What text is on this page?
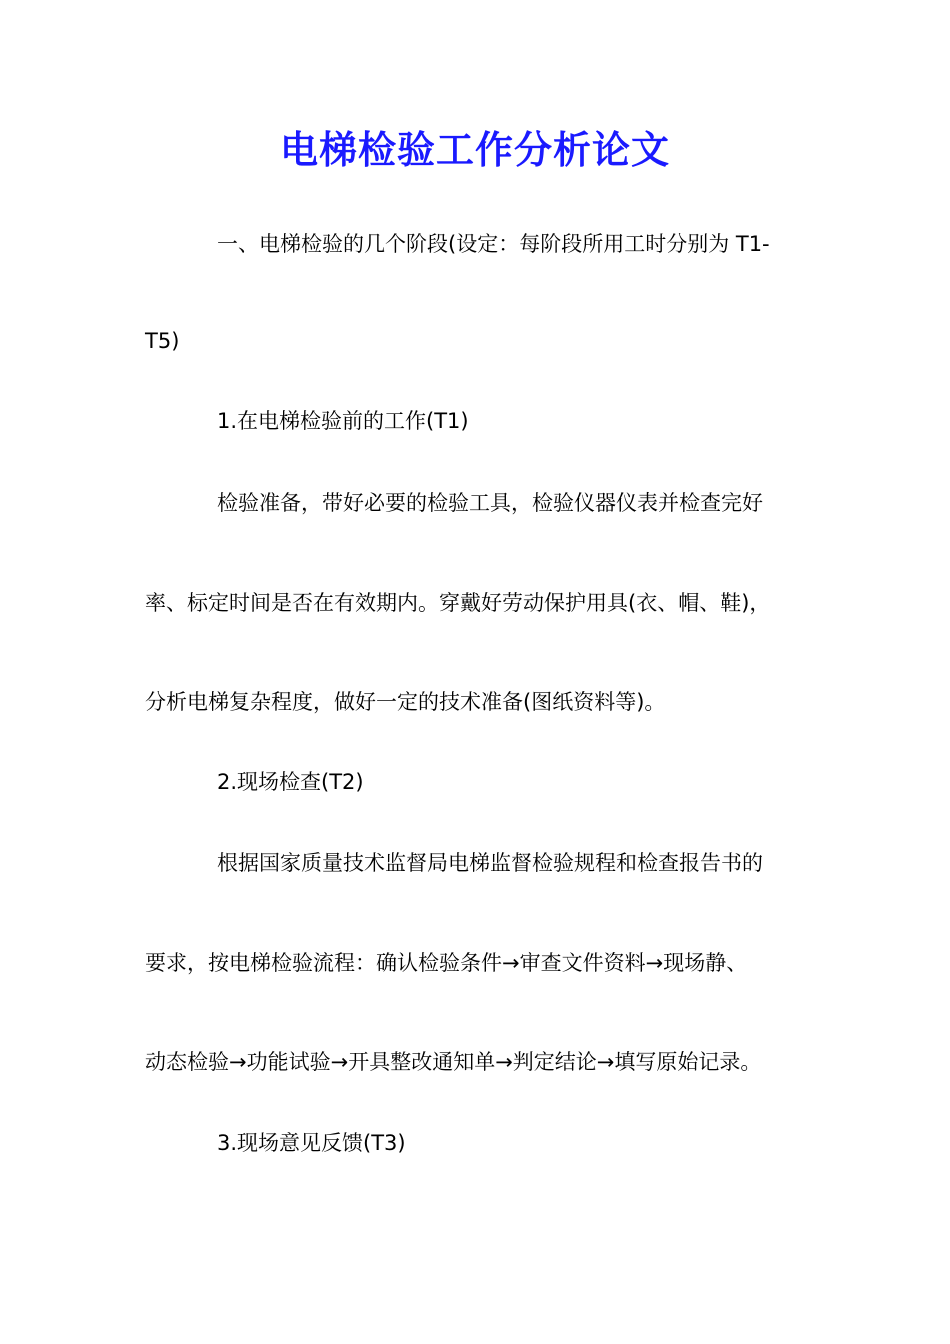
电梯检验工作分析论文

一、电梯检验的几个阶段(设定：每阶段所用工时分别为 T1-

T5)

1.在电梯检验前的工作(T1)

检验准备，带好必要的检验工具，检验仪器仪表并检查完好

率、标定时间是否在有效期内。穿戴好劳动保护用具(衣、帽、鞋)，

分析电梯复杂程度，做好一定的技术准备(图纸资料等)。

2.现场检查(T2)

根据国家质量技术监督局电梯监督检验规程和检查报告书的

要求，按电梯检验流程：确认检验条件→审查文件资料→现场静、

动态检验→功能试验→开具整改通知单→判定结论→填写原始记录。

3.现场意见反馈(T3)
